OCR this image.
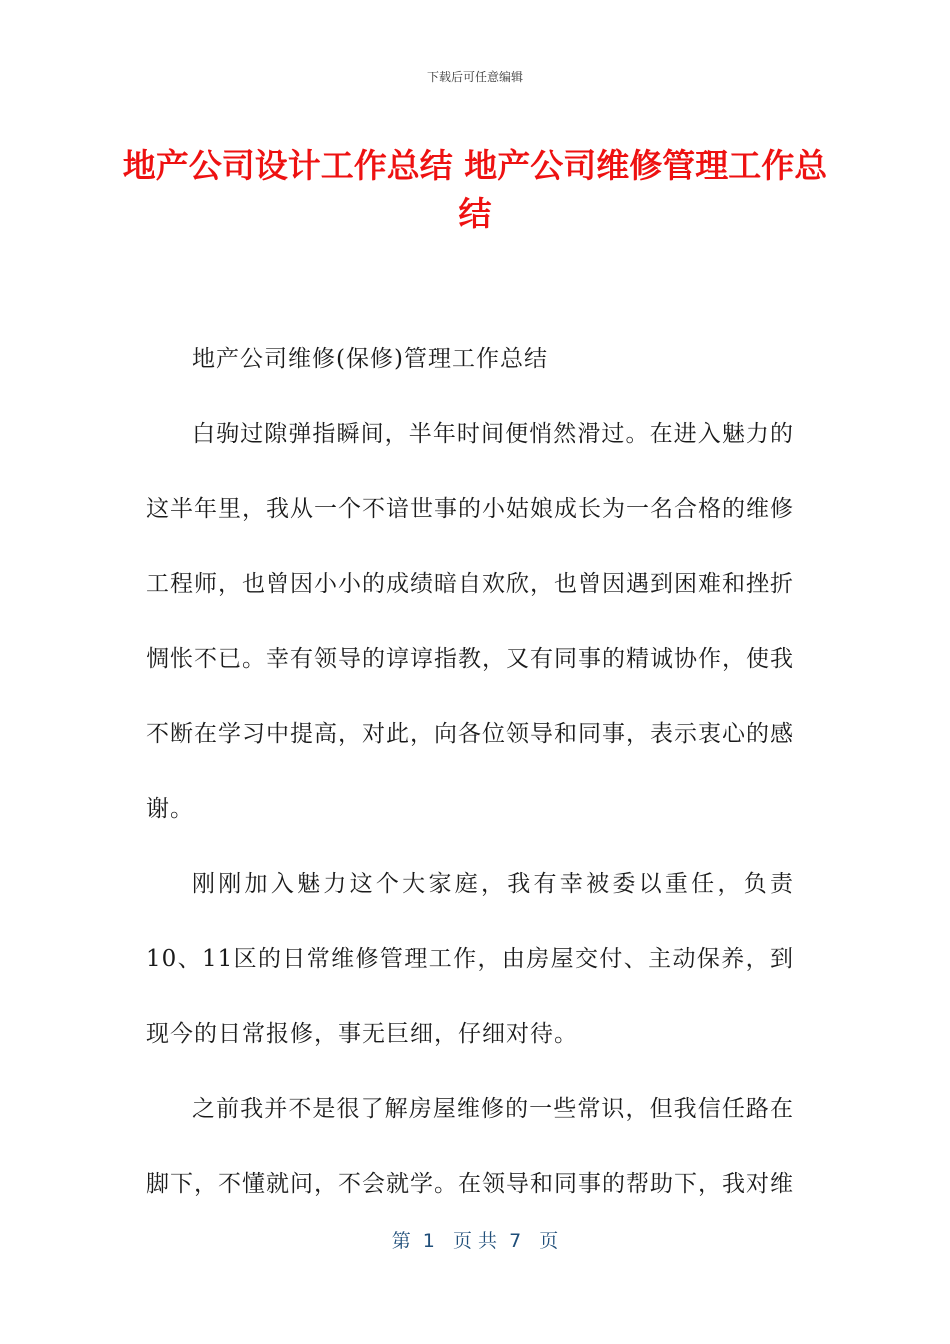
下载后可任意编辑
地产公司设计工作总结 地产公司维修管理工作总结

地产公司维修(保修)管理工作总结

白驹过隙弹指瞬间，半年时间便悄然滑过。在进入魅力的这半年里，我从一个不谙世事的小姑娘成长为一名合格的维修工程师，也曾因小小的成绩暗自欢欣，也曾因遇到困难和挫折惆怅不已。幸有领导的谆谆指教，又有同事的精诚协作，使我不断在学习中提高，对此，向各位领导和同事，表示衷心的感谢。

刚刚加入魅力这个大家庭，我有幸被委以重任，负责10、11区的日常维修管理工作，由房屋交付、主动保养，到现今的日常报修，事无巨细，仔细对待。

之前我并不是很了解房屋维修的一些常识，但我信任路在脚下，不懂就问，不会就学。在领导和同事的帮助下，我对维

第  1   页 共  7   页
